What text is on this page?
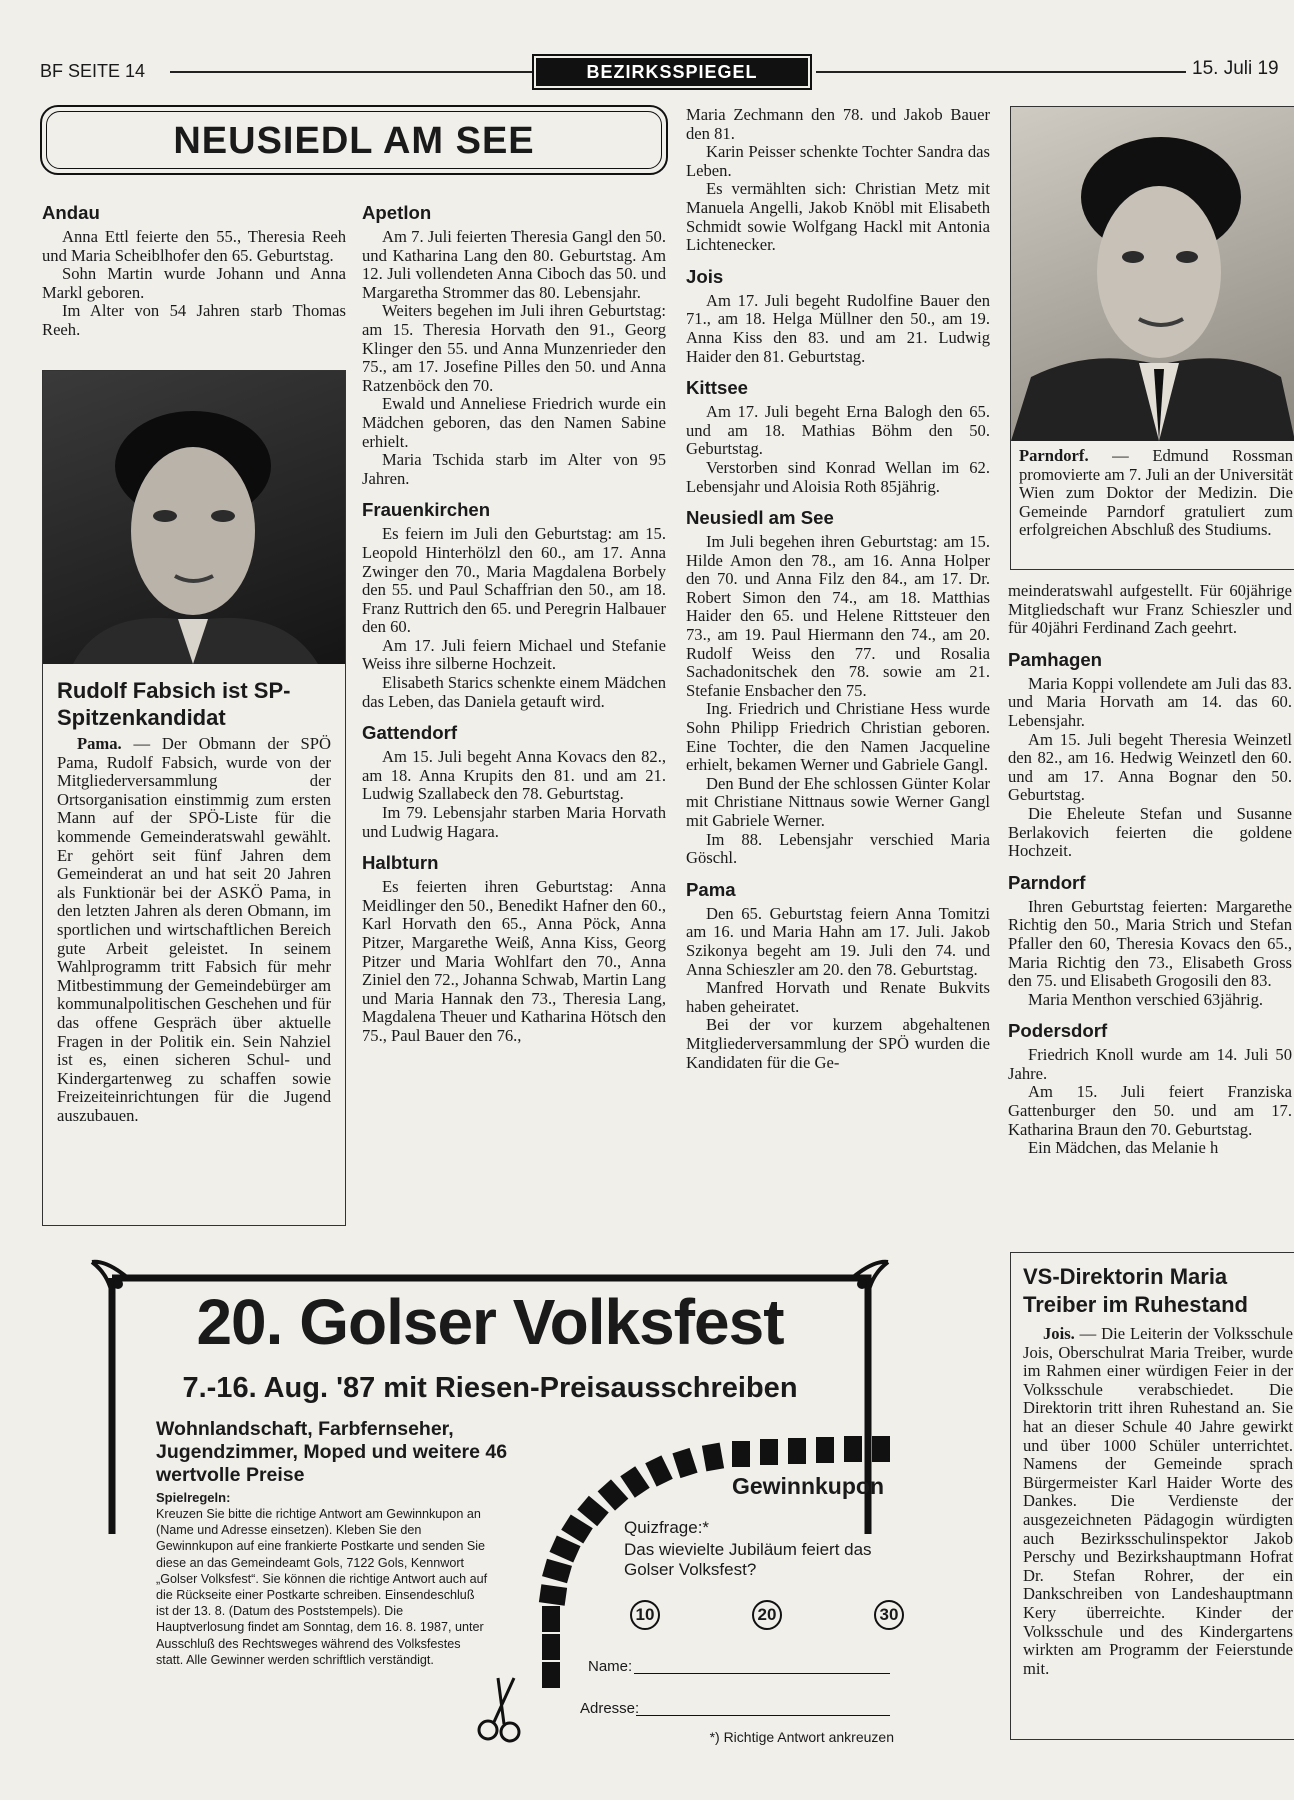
BF SEITE 14	BEZIRKSSPIEGEL	15. Juli 19
NEUSIEDL AM SEE
Andau

Anna Ettl feierte den 55., Theresia Reeh und Maria Scheiblhofer den 65. Geburtstag.

Sohn Martin wurde Johann und Anna Markl geboren.

Im Alter von 54 Jahren starb Thomas Reeh.

Rudolf Fabsich ist SP-Spitzenkandidat

Pama. — Der Obmann der SPÖ Pama, Rudolf Fabsich, wurde von der Mitgliederversammlung der Ortsorganisation einstimmig zum ersten Mann auf der SPÖ-Liste für die kommende Gemeinderatswahl gewählt. Er gehört seit fünf Jahren dem Gemeinderat an und hat seit 20 Jahren als Funktionär bei der ASKÖ Pama, in den letzten Jahren als deren Obmann, im sportlichen und wirtschaftlichen Bereich gute Arbeit geleistet. In seinem Wahlprogramm tritt Fabsich für mehr Mitbestimmung der Gemeindebürger am kommunalpolitischen Geschehen und für das offene Gespräch über aktuelle Fragen in der Politik ein. Sein Nahziel ist es, einen sicheren Schul- und Kindergartenweg zu schaffen sowie Freizeiteinrichtungen für die Jugend auszubauen.

Apetlon

Am 7. Juli feierten Theresia Gangl den 50. und Katharina Lang den 80. Geburtstag. Am 12. Juli vollendeten Anna Ciboch das 50. und Margaretha Strommer das 80. Lebensjahr.

Weiters begehen im Juli ihren Geburtstag: am 15. Theresia Horvath den 91., Georg Klinger den 55. und Anna Munzenrieder den 75., am 17. Josefine Pilles den 50. und Anna Ratzenböck den 70.

Ewald und Anneliese Friedrich wurde ein Mädchen geboren, das den Namen Sabine erhielt.

Maria Tschida starb im Alter von 95 Jahren.

Frauenkirchen

Es feiern im Juli den Geburtstag: am 15. Leopold Hinterhölzl den 60., am 17. Anna Zwinger den 70., Maria Magdalena Borbely den 55. und Paul Schaffrian den 50., am 18. Franz Ruttrich den 65. und Peregrin Halbauer den 60.

Am 17. Juli feiern Michael und Stefanie Weiss ihre silberne Hochzeit.

Elisabeth Starics schenkte einem Mädchen das Leben, das Daniela getauft wird.

Gattendorf

Am 15. Juli begeht Anna Kovacs den 82., am 18. Anna Krupits den 81. und am 21. Ludwig Szallabeck den 78. Geburtstag.

Im 79. Lebensjahr starben Maria Horvath und Ludwig Hagara.

Halbturn

Es feierten ihren Geburtstag: Anna Meidlinger den 50., Benedikt Hafner den 60., Karl Horvath den 65., Anna Pöck, Anna Pitzer, Margarethe Weiß, Anna Kiss, Georg Pitzer und Maria Wohlfart den 70., Anna Ziniel den 72., Johanna Schwab, Martin Lang und Maria Hannak den 73., Theresia Lang, Magdalena Theuer und Katharina Hötsch den 75., Paul Bauer den 76.,

Maria Zechmann den 78. und Jakob Bauer den 81.

Karin Peisser schenkte Tochter Sandra das Leben.

Es vermählten sich: Christian Metz mit Manuela Angelli, Jakob Knöbl mit Elisabeth Schmidt sowie Wolfgang Hackl mit Antonia Lichtenecker.

Jois

Am 17. Juli begeht Rudolfine Bauer den 71., am 18. Helga Müllner den 50., am 19. Anna Kiss den 83. und am 21. Ludwig Haider den 81. Geburtstag.

Kittsee

Am 17. Juli begeht Erna Balogh den 65. und am 18. Mathias Böhm den 50. Geburtstag.

Verstorben sind Konrad Wellan im 62. Lebensjahr und Aloisia Roth 85jährig.

Neusiedl am See

Im Juli begehen ihren Geburtstag: am 15. Hilde Amon den 78., am 16. Anna Holper den 70. und Anna Filz den 84., am 17. Dr. Robert Simon den 74., am 18. Matthias Haider den 65. und Helene Rittsteuer den 73., am 19. Paul Hiermann den 74., am 20. Rudolf Weiss den 77. und Rosalia Sachadonitschek den 78. sowie am 21. Stefanie Ensbacher den 75.

Ing. Friedrich und Christiane Hess wurde Sohn Philipp Friedrich Christian geboren. Eine Tochter, die den Namen Jacqueline erhielt, bekamen Werner und Gabriele Gangl.

Den Bund der Ehe schlossen Günter Kolar mit Christiane Nittnaus sowie Werner Gangl mit Gabriele Werner.

Im 88. Lebensjahr verschied Maria Göschl.

Pama

Den 65. Geburtstag feiern Anna Tomitzi am 16. und Maria Hahn am 17. Juli. Jakob Szikonya begeht am 19. Juli den 74. und Anna Schieszler am 20. den 78. Geburtstag.

Manfred Horvath und Renate Bukvits haben geheiratet.

Bei der vor kurzem abgehaltenen Mitgliederversammlung der SPÖ wurden die Kandidaten für die Ge-

Parndorf. — Edmund Rossman promovierte am 7. Juli an der Universität Wien zum Doktor der Medizin. Die Gemeinde Parndorf gratuliert zum erfolgreichen Abschluß des Studiums.

meinderatswahl aufgestellt. Für 60jährige Mitgliedschaft wur Franz Schieszler und für 40jähri Ferdinand Zach geehrt.

Pamhagen

Maria Koppi vollendete am Juli das 83. und Maria Horvath am 14. das 60. Lebensjahr.

Am 15. Juli begeht Theresia Weinzetl den 82., am 16. Hedwig Weinzetl den 60. und am 17. Anna Bognar den 50. Geburtstag.

Die Eheleute Stefan und Susanne Berlakovich feierten die goldene Hochzeit.

Parndorf

Ihren Geburtstag feierten: Margarethe Richtig den 50., Maria Strich und Stefan Pfaller den 60, Theresia Kovacs den 65., Maria Richtig den 73., Elisabeth Gross den 75. und Elisabeth Grogosili den 83.

Maria Menthon verschied 63jährig.

Podersdorf

Friedrich Knoll wurde am 14. Juli 50 Jahre.

Am 15. Juli feiert Franziska Gattenburger den 50. und am 17. Katharina Braun den 70. Geburtstag.

Ein Mädchen, das Melanie h

VS-Direktorin Maria Treiber im Ruhestand

Jois. — Die Leiterin der Volksschule Jois, Oberschulrat Maria Treiber, wurde im Rahmen einer würdigen Feier in der Volksschule verabschiedet. Die Direktorin tritt ihren Ruhestand an. Sie hat an dieser Schule 40 Jahre gewirkt und über 1000 Schüler unterrichtet. Namens der Gemeinde sprach Bürgermeister Karl Haider Worte des Dankes. Die Verdienste der ausgezeichneten Pädagogin würdigten auch Bezirksschulinspektor Jakob Perschy und Bezirkshauptmann Hofrat Dr. Stefan Rohrer, der ein Dankschreiben von Landeshauptmann Kery überreichte. Kinder der Volksschule und des Kindergartens wirkten am Programm der Feierstunde mit.

20. Golser Volksfest
7.-16. Aug. '87 mit Riesen-Preisausschreiben
Wohnlandschaft, Farbfernseher, Jugendzimmer, Moped und weitere 46 wertvolle Preise
Spielregeln:
Kreuzen Sie bitte die richtige Antwort am Gewinnkupon an (Name und Adresse einsetzen). Kleben Sie den Gewinnkupon auf eine frankierte Postkarte und senden Sie diese an das Gemeindeamt Gols, 7122 Gols, Kennwort „Golser Volksfest“. Sie können die richtige Antwort auch auf die Rückseite einer Postkarte schreiben. Einsendeschluß ist der 13. 8. (Datum des Poststempels). Die Hauptverlosung findet am Sonntag, dem 16. 8. 1987, unter Ausschluß des Rechtsweges während des Volksfestes statt. Alle Gewinner werden schriftlich verständigt.
Gewinnkupon
Quizfrage:*
Das wievielte Jubiläum feiert das Golser Volksfest?
10	20	30
Name:
Adresse:
*) Richtige Antwort ankreuzen
